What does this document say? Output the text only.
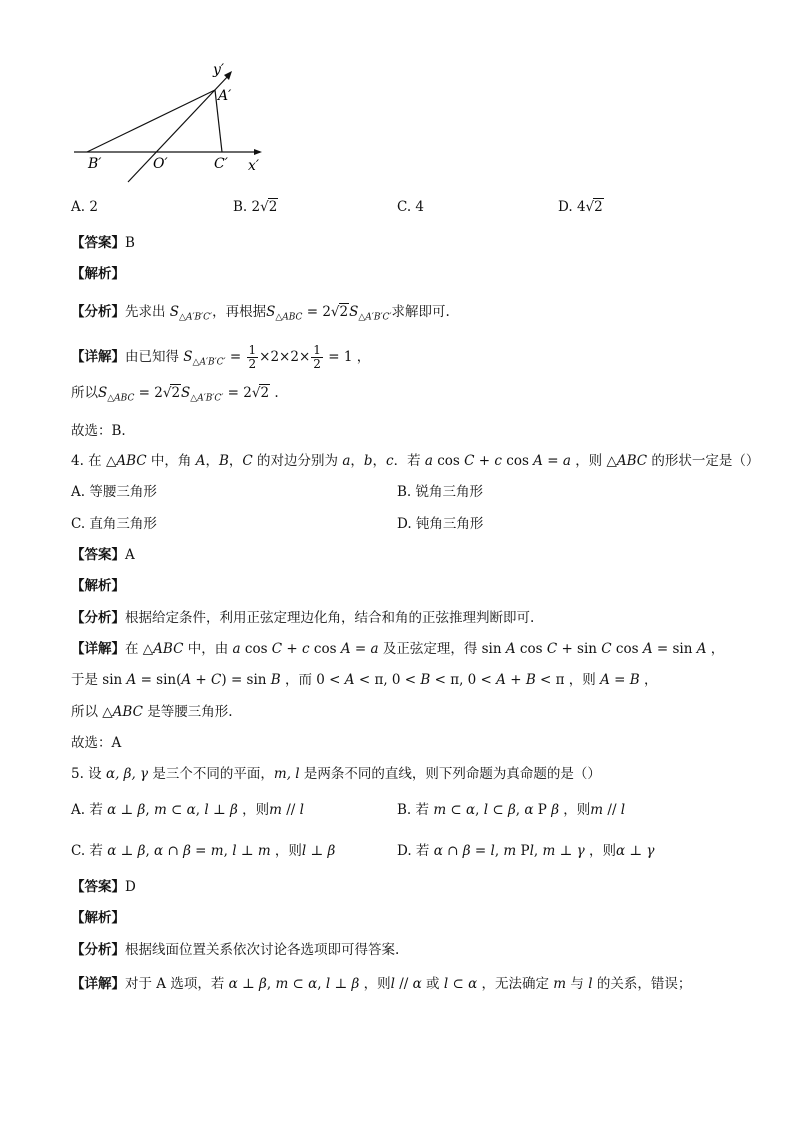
y′
A′
B′	O′	C′ x′
A. 2	B. 2√2	C. 4	D. 4√2
【答案】B
【解析】
【分析】先求出 $S_{\triangle A'B'C'}$，再根据$S_{\triangle ABC} = 2√2S_{\triangle A'B'C'}$求解即可.
【详解】由已知得 $S_{\triangle A'B'C'} = \frac{1}{2} \times 2\times 2\times \frac{1}{2} = 1$ ，
所以$S_{\triangle ABC} = 2√2S_{\triangle A'B'C'} = 2√2$ .
故选：B.
4. 在 △ABC 中，角 A，B，C 的对边分别为 a，b，c．若 a cos C + c cos A = a ，则 △ABC 的形状一定是（）
A. 等腰三角形	B. 锐角三角形
C. 直角三角形	D. 钝角三角形
【答案】A
【解析】
【分析】根据给定条件，利用正弦定理边化角，结合和角的正弦推理判断即可.
【详解】在 △ABC 中，由 a cos C + c cos A = a 及正弦定理，得 sin A cos C + sin C cos A = sin A ，
于是 sin A = sin(A + C) = sin B ，而 0 < A < π, 0 < B < π, 0 < A + B < π ，则 A = B ，
所以 △ABC 是等腰三角形.
故选：A
5. 设 α, β, γ 是三个不同的平面，m, l 是两条不同的直线，则下列命题为真命题的是（）
A. 若 α ⊥ β, m ⊂ α, l ⊥ β ，则m // l	B. 若 m ⊂ α, l ⊂ β, α P β ，则m // l
C. 若 α ⊥ β, α ∩ β = m, l ⊥ m ，则l ⊥ β	D. 若 α ∩ β = l, m Pl, m ⊥ γ ，则α ⊥ γ
【答案】D
【解析】
【分析】根据线面位置关系依次讨论各选项即可得答案.
【详解】对于 A 选项，若 α ⊥ β, m ⊂ α, l ⊥ β ，则l // α 或 l ⊂ α ，无法确定 m 与 l 的关系，错误；
